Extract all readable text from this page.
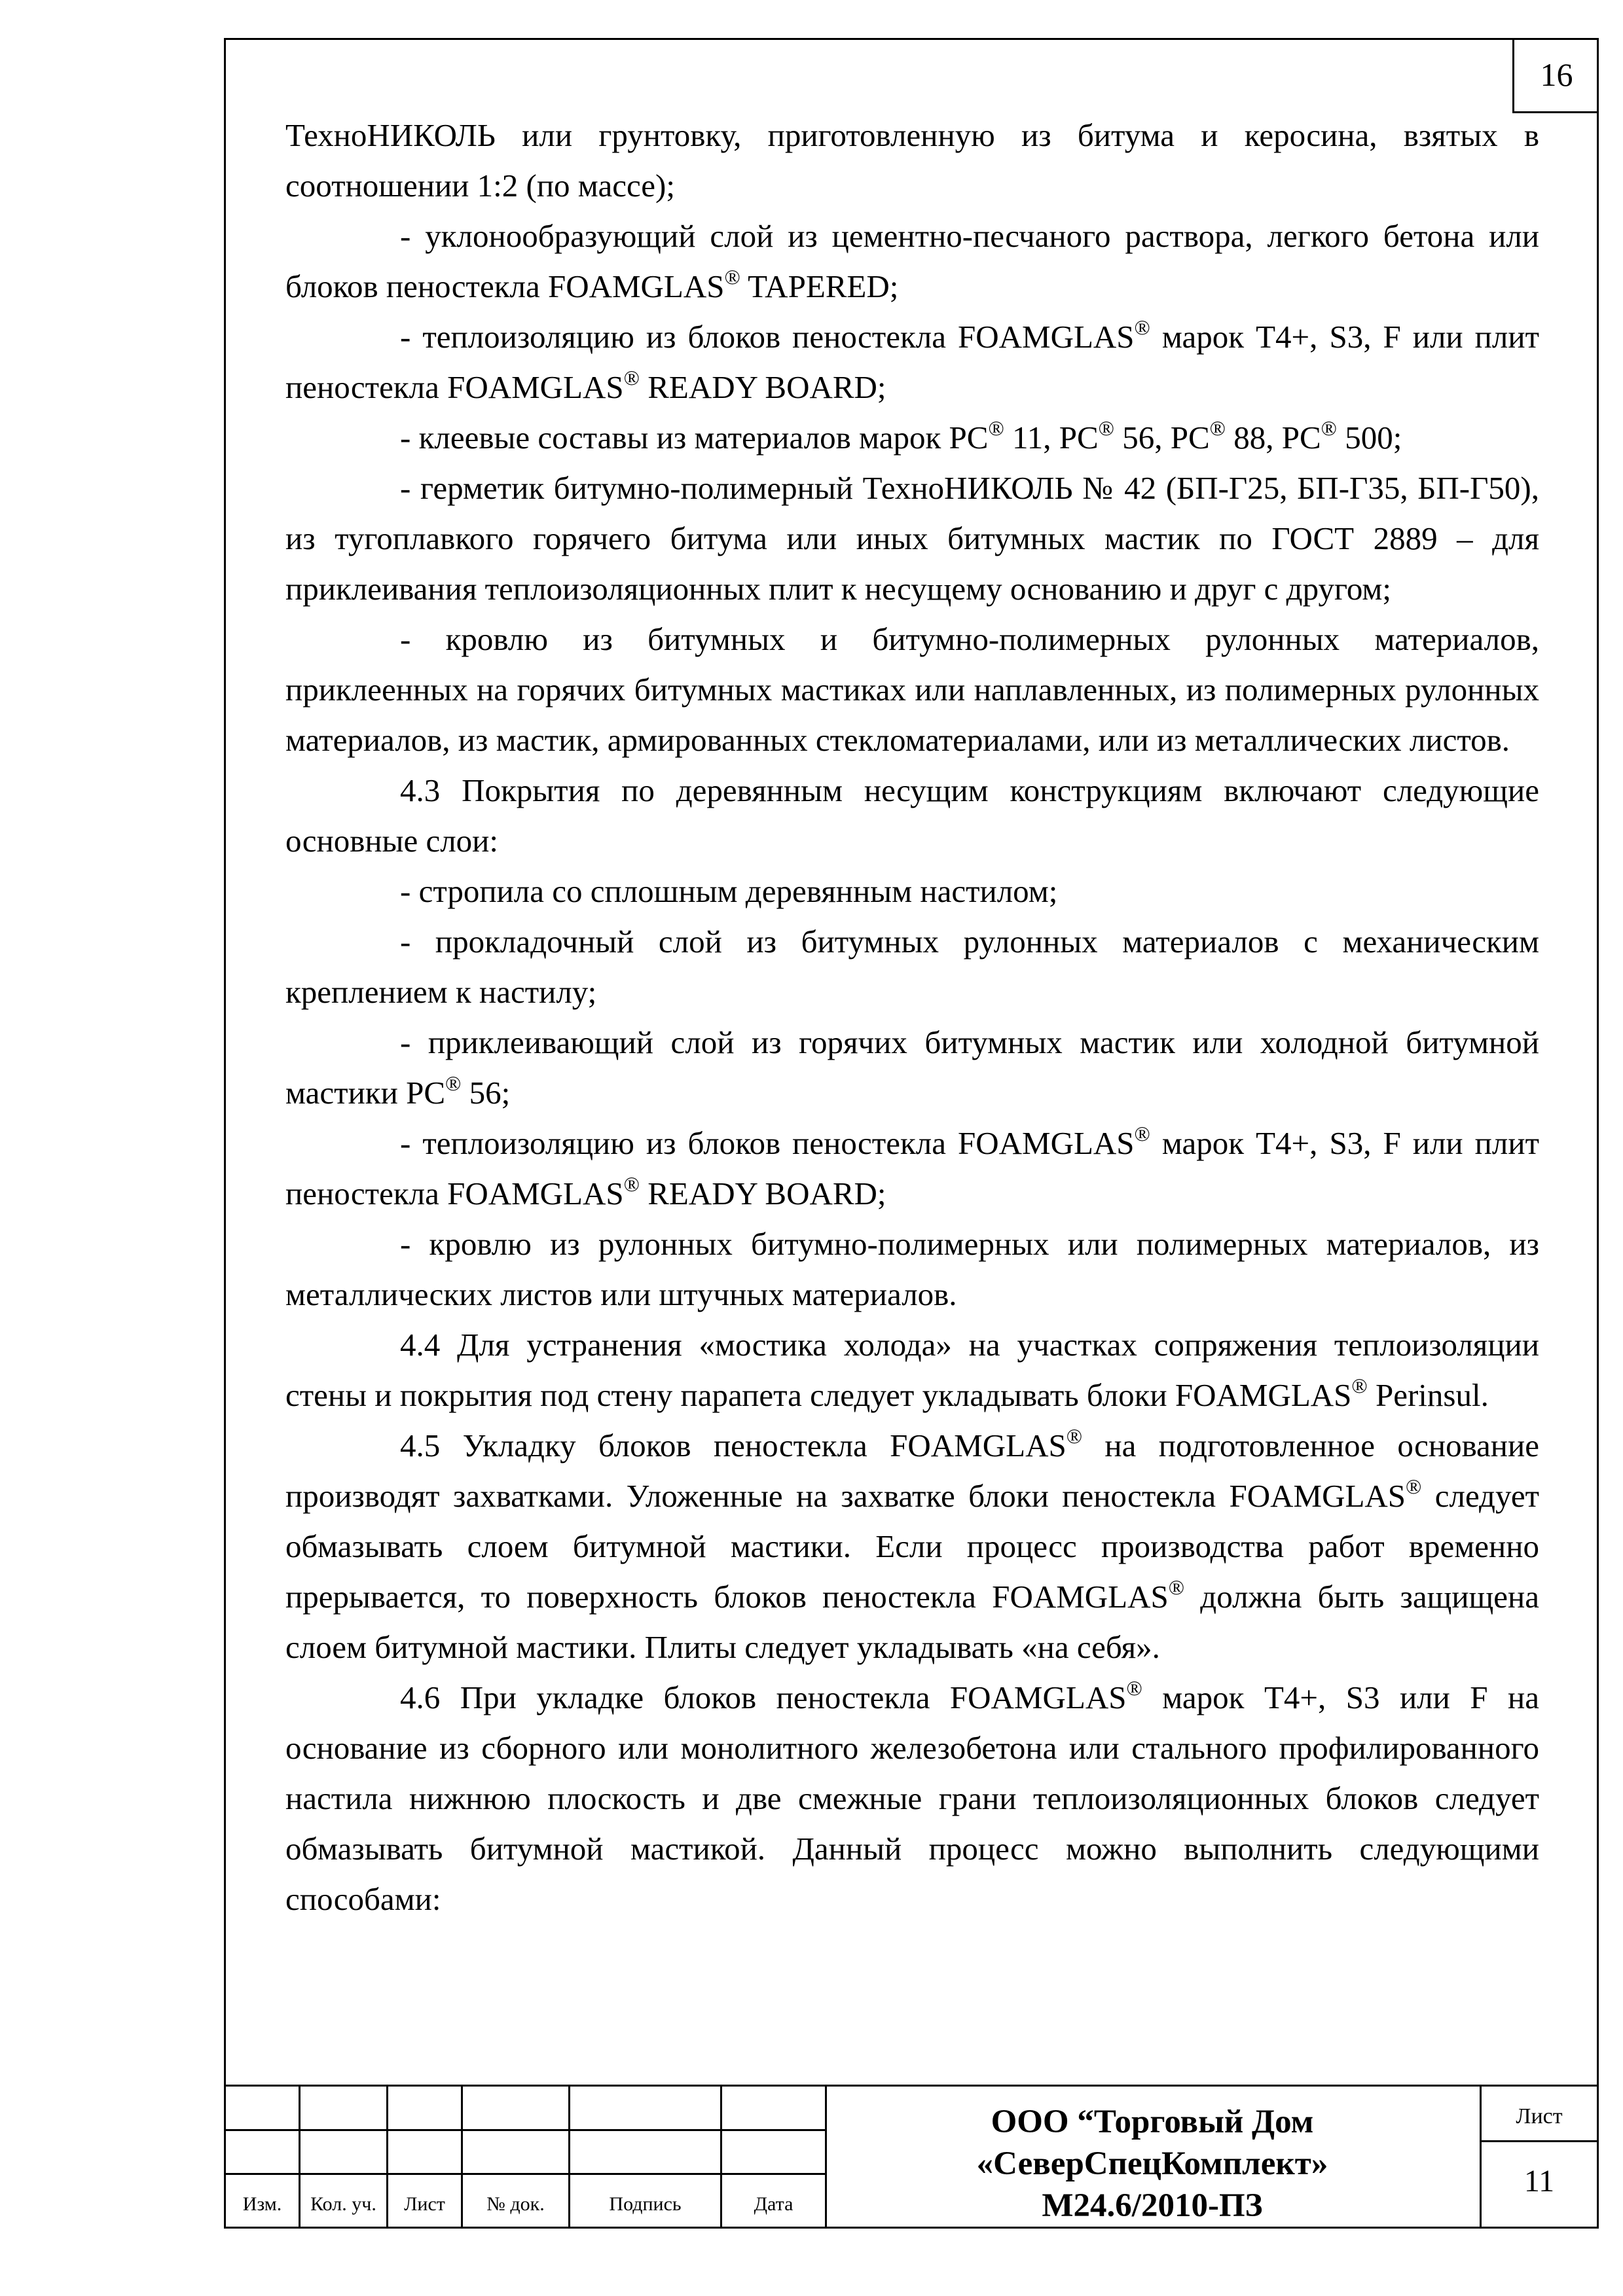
16

ТехноНИКОЛЬ или грунтовку, приготовленную из битума и керосина, взятых в соотношении 1:2 (по массе);

- уклонообразующий слой из цементно-песчаного раствора, легкого бетона или блоков пеностекла FOAMGLAS® TAPERED;

- теплоизоляцию из блоков пеностекла FOAMGLAS® марок T4+, S3, F или плит пеностекла FOAMGLAS® READY BOARD;

- клеевые составы из материалов марок PC® 11, PC® 56, PC® 88, PC® 500;

- герметик битумно-полимерный ТехноНИКОЛЬ № 42 (БП-Г25, БП-Г35, БП-Г50), из тугоплавкого горячего битума или иных битумных мастик по ГОСТ 2889 – для приклеивания теплоизоляционных плит к несущему основанию и друг с другом;

- кровлю из битумных и битумно-полимерных рулонных материалов, приклеенных на горячих битумных мастиках или наплавленных, из полимерных рулонных материалов, из мастик, армированных стекломатериалами, или из металлических листов.

4.3 Покрытия по деревянным несущим конструкциям включают следующие основные слои:

- стропила со сплошным деревянным настилом;

- прокладочный слой из битумных рулонных материалов с механическим креплением к настилу;

- приклеивающий слой из горячих битумных мастик или холодной битумной мастики PC® 56;

- теплоизоляцию из блоков пеностекла FOAMGLAS® марок T4+, S3, F или плит пеностекла FOAMGLAS® READY BOARD;

- кровлю из рулонных битумно-полимерных или полимерных материалов, из металлических листов или штучных материалов.

4.4 Для устранения «мостика холода» на участках сопряжения теплоизоляции стены и покрытия под стену парапета следует укладывать блоки FOAMGLAS® Perinsul.

4.5 Укладку блоков пеностекла FOAMGLAS® на подготовленное основание производят захватками. Уложенные на захватке блоки пеностекла FOAMGLAS® следует обмазывать слоем битумной мастики. Если процесс производства работ временно прерывается, то поверхность блоков пеностекла FOAMGLAS® должна быть защищена слоем битумной мастики. Плиты следует укладывать «на себя».

4.6 При укладке блоков пеностекла FOAMGLAS® марок T4+, S3 или F на основание из сборного или монолитного железобетона или стального профилированного настила нижнюю плоскость и две смежные грани теплоизоляционных блоков следует обмазывать битумной мастикой. Данный процесс можно выполнить следующими способами:

Изм.	Кол. уч.	Лист	№ док.	Подпись	Дата
ООО “Торговый Дом
«СеверСпецКомплект»
М24.6/2010-ПЗ
Лист
11
